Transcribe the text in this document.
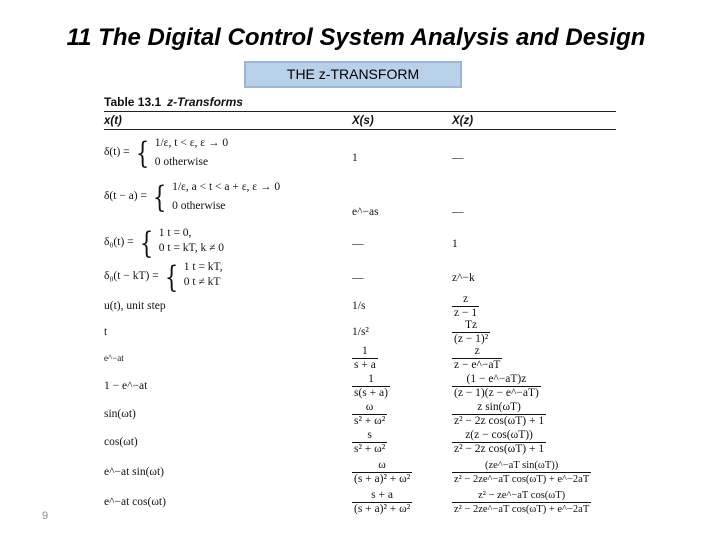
11 The Digital Control System Analysis and Design
THE z-TRANSFORM
Table 13.1 z-Transforms
x(t)	X(s)	X(z)
δ(t) = { 1/ε, t < ε, ε → 0
0 otherwise	1	—
δ(t − a) = { 1/ε, a < t < a + ε, ε → 0
0 otherwise	e^−as	—
δ₀(t) = { 1 t = 0,
0 t = kT, k ≠ 0	—	1
δ₀(t − kT) = { 1 t = kT,
0 t ≠ kT	—	z^−k
u(t), unit step	1/s	$\frac{z}{z - 1}$
t	1/s²	$\frac{Tz}{\text{(z − 1)²}}$
e^−at	$\frac{1}{s + a}$	$\frac{z}{z - e\^{}-aT}$
1 − e^−at	$\frac{1}{s(s + a)}$	$\frac{(1 - e\^{}-aT)z}{(z - 1)(z - e\^{}-aT)}$
sin(ωt)	$\frac{\omega}{\text{s² + ω²}}$	$\frac{\text{z sin(ωT)}}{\text{z² − 2z cos(ωT) + 1}}$
cos(ωt)	$\frac{s}{\text{s² + ω²}}$	$\frac{z(z - \cos(\omega T))}{\text{z² − 2z cos(ωT) + 1}}$
e^−at sin(ωt)	$\frac{\omega}{\text{(s + a)² + ω²}}$	$\frac{\text{(ze\textasciicircum{}−aT sin(ωT))}}{\text{z² − 2ze\textasciicircum{}−aT cos(ωT) + e\textasciicircum{}−2aT}}$
e^−at cos(ωt)	$\frac{s + a}{\text{(s + a)² + ω²}}$	$\frac{\text{z² − ze\textasciicircum{}−aT cos(ωT)}}{\text{z² − 2ze\textasciicircum{}−aT cos(ωT) + e\textasciicircum{}−2aT}}$
9
